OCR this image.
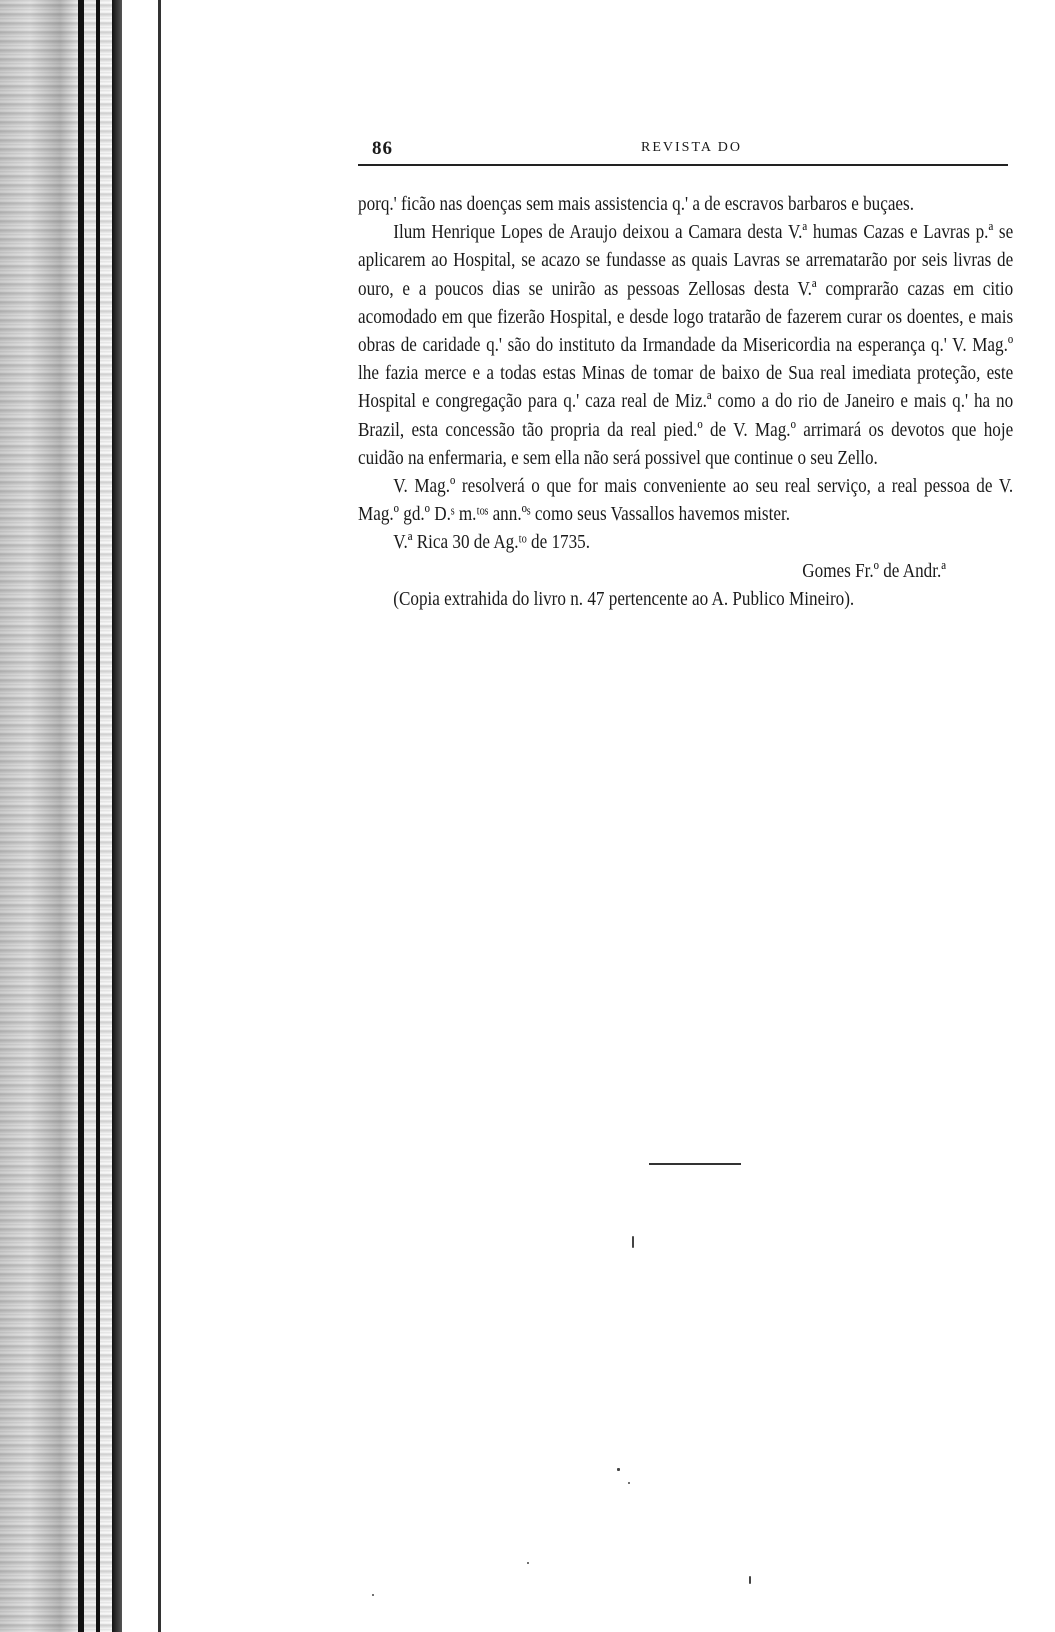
86	REVISTA DO

porq.' ficão nas doenças sem mais assistencia q.' a de escravos barbaros e buçaes.

Ilum Henrique Lopes de Araujo deixou a Camara desta V.ª humas Cazas e Lavras p.ª se aplicarem ao Hospital, se acazo se fundasse as quais Lavras se arrematarão por seis livras de ouro, e a poucos dias se unirão as pessoas Zellosas desta V.ª comprarão cazas em citio acomodado em que fizerão Hospital, e desde logo tratarão de fazerem curar os doentes, e mais obras de caridade q.' são do instituto da Irmandade da Misericordia na esperança q.' V. Mag.º lhe fazia merce e a todas estas Minas de tomar de baixo de Sua real imediata proteção, este Hospital e congregação para q.' caza real de Miz.ª como a do rio de Janeiro e mais q.' ha no Brazil, esta concessão tão propria da real pied.º de V. Mag.º arrimará os devotos que hoje cuidão na enfermaria, e sem ella não será possivel que continue o seu Zello.

V. Mag.º resolverá o que for mais conveniente ao seu real serviço, a real pessoa de V. Mag.º gd.º D.ˢ m.ᵗᵒˢ ann.ºˢ como seus Vassallos havemos mister.

V.ª Rica 30 de Ag.ᵗᵒ de 1735.

Gomes Fr.º de Andr.ª

(Copia extrahida do livro n. 47 pertencente ao A. Publico Mineiro).
